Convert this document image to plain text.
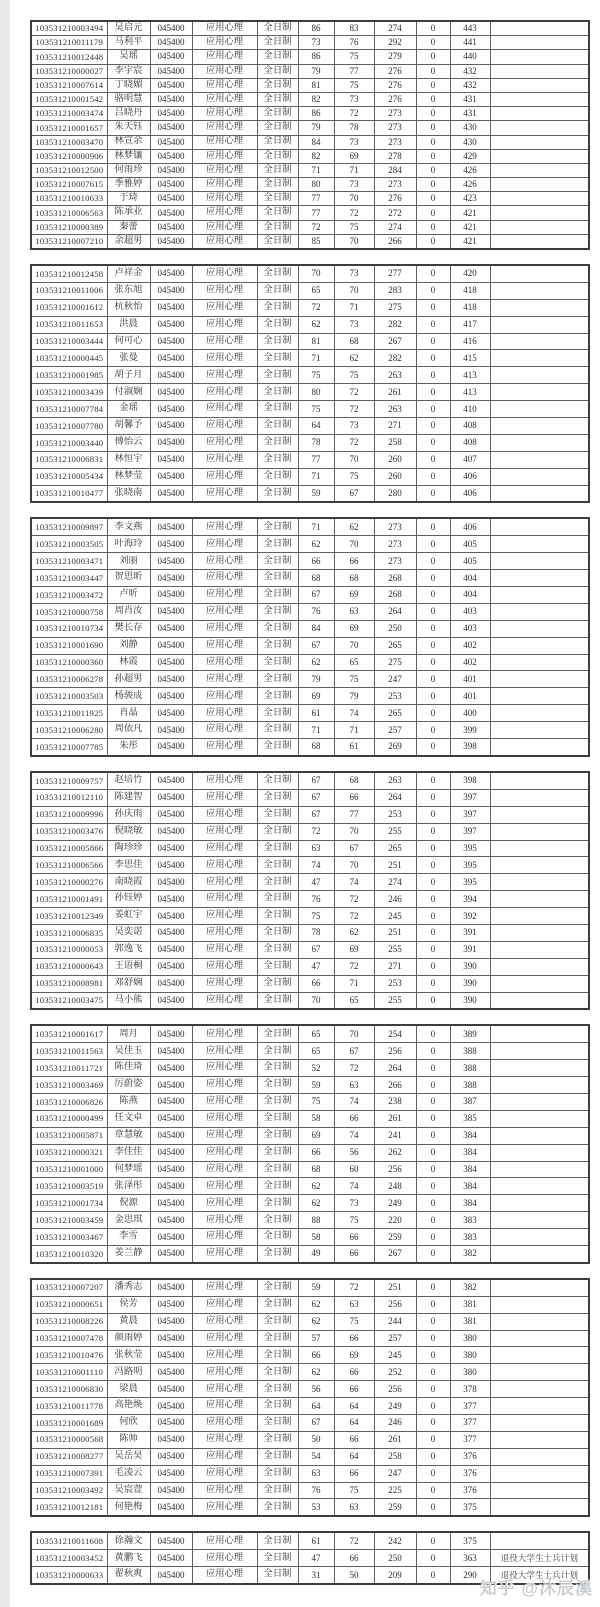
103531210003494	吴启元	045400	应用心理	全日制	86	83	274	0	443	
103531210011179	马利平	045400	应用心理	全日制	73	76	292	0	441	
103531210012448	吴瑶	045400	应用心理	全日制	86	75	279	0	440	
103531210000027	李宇宸	045400	应用心理	全日制	79	77	276	0	432	
103531210007614	丁晓媚	045400	应用心理	全日制	81	75	276	0	432	
103531210001542	骆明慧	045400	应用心理	全日制	82	73	276	0	431	
103531210003474	吕晓丹	045400	应用心理	全日制	86	72	273	0	431	
103531210001657	朱天钰	045400	应用心理	全日制	79	78	273	0	430	
103531210003470	林宣余	045400	应用心理	全日制	84	73	273	0	430	
103531210000906	林梦镶	045400	应用心理	全日制	82	69	278	0	429	
103531210012500	何雨珍	045400	应用心理	全日制	71	71	284	0	426	
103531210007615	季雅婷	045400	应用心理	全日制	80	73	273	0	426	
103531210010633	于琦	045400	应用心理	全日制	77	70	276	0	423	
103531210006563	陈承业	045400	应用心理	全日制	77	72	272	0	421	
103531210000389	秦蕾	045400	应用心理	全日制	72	75	274	0	421	
103531210007210	余超男	045400	应用心理	全日制	85	70	266	0	421	
103531210012458	卢祥金	045400	应用心理	全日制	70	73	277	0	420	
103531210011006	张东旭	045400	应用心理	全日制	65	70	283	0	418	
103531210001612	杭秋怡	045400	应用心理	全日制	72	71	275	0	418	
103531210011653	洪晨	045400	应用心理	全日制	62	73	282	0	417	
103531210003444	何可心	045400	应用心理	全日制	81	68	267	0	416	
103531210000445	张曼	045400	应用心理	全日制	71	62	282	0	415	
103531210001985	胡子月	045400	应用心理	全日制	75	75	263	0	413	
103531210003439	付淑娴	045400	应用心理	全日制	80	72	261	0	413	
103531210007784	金瑶	045400	应用心理	全日制	75	72	263	0	410	
103531210007780	胡馨予	045400	应用心理	全日制	64	73	271	0	408	
103531210003440	傅怡云	045400	应用心理	全日制	78	72	258	0	408	
103531210006831	林恒宇	045400	应用心理	全日制	77	70	260	0	407	
103531210005434	林梦莹	045400	应用心理	全日制	71	75	260	0	406	
103531210010477	张晓南	045400	应用心理	全日制	59	67	280	0	406	
103531210009897	李文燕	045400	应用心理	全日制	71	62	273	0	406	
103531210003505	叶海玲	045400	应用心理	全日制	62	70	273	0	405	
103531210003471	刘丽	045400	应用心理	全日制	66	66	273	0	405	
103531210003447	贺思昕	045400	应用心理	全日制	68	68	268	0	404	
103531210003472	卢昕	045400	应用心理	全日制	67	69	268	0	404	
103531210000758	周肖汝	045400	应用心理	全日制	76	63	264	0	403	
103531210010734	樊长存	045400	应用心理	全日制	84	69	250	0	403	
103531210001690	刘静	045400	应用心理	全日制	67	70	265	0	402	
103531210000360	林霞	045400	应用心理	全日制	62	65	275	0	402	
103531210006278	孙超男	045400	应用心理	全日制	79	75	247	0	401	
103531210003503	杨骏成	045400	应用心理	全日制	69	79	253	0	401	
103531210011925	肖晶	045400	应用心理	全日制	61	74	265	0	400	
103531210006280	周依凡	045400	应用心理	全日制	71	71	257	0	399	
103531210007785	朱彤	045400	应用心理	全日制	68	61	269	0	398	
103531210009757	赵培竹	045400	应用心理	全日制	67	68	263	0	398	
103531210012110	陈建智	045400	应用心理	全日制	67	66	264	0	397	
103531210009996	孙庆雨	045400	应用心理	全日制	67	77	253	0	397	
103531210003476	倪晓敏	045400	应用心理	全日制	72	70	255	0	397	
103531210005866	陶珍珍	045400	应用心理	全日制	63	67	265	0	395	
103531210006566	李思佳	045400	应用心理	全日制	74	70	251	0	395	
103531210000276	南晓霞	045400	应用心理	全日制	47	74	274	0	395	
103531210001491	孙钰婷	045400	应用心理	全日制	76	72	246	0	394	
103531210012349	姜虹宇	045400	应用心理	全日制	75	72	245	0	392	
103531210006835	吴奕诺	045400	应用心理	全日制	78	62	251	0	391	
103531210000053	郭逸飞	045400	应用心理	全日制	67	69	255	0	391	
103531210000643	王语桐	045400	应用心理	全日制	47	72	271	0	390	
103531210008981	邓舒娴	045400	应用心理	全日制	66	71	253	0	390	
103531210003475	马小熊	045400	应用心理	全日制	70	65	255	0	390	
103531210001617	周月	045400	应用心理	全日制	65	70	254	0	389	
103531210011563	吴佳玉	045400	应用心理	全日制	65	67	256	0	388	
103531210011721	陈佳琦	045400	应用心理	全日制	52	72	264	0	388	
103531210003469	厉蔚姿	045400	应用心理	全日制	59	63	266	0	388	
103531210006826	陈燕	045400	应用心理	全日制	75	74	238	0	387	
103531210000499	任文卓	045400	应用心理	全日制	58	66	261	0	385	
103531210005871	章慧敏	045400	应用心理	全日制	69	74	241	0	384	
103531210000321	李佳佳	045400	应用心理	全日制	66	56	262	0	384	
103531210001000	何梦瑶	045400	应用心理	全日制	68	60	256	0	384	
103531210003519	张泽彤	045400	应用心理	全日制	62	74	248	0	384	
103531210001734	倪源	045400	应用心理	全日制	62	73	249	0	384	
103531210003459	金思琪	045400	应用心理	全日制	88	75	220	0	383	
103531210003467	李雪	045400	应用心理	全日制	58	66	259	0	383	
103531210010320	姜兰静	045400	应用心理	全日制	49	66	267	0	382	
103531210007207	潘秀志	045400	应用心理	全日制	59	72	251	0	382	
103531210000651	侯芳	045400	应用心理	全日制	62	63	256	0	381	
103531210008226	黄晨	045400	应用心理	全日制	62	75	244	0	381	
103531210007478	颜雨婷	045400	应用心理	全日制	57	66	257	0	380	
103531210010476	张秋莹	045400	应用心理	全日制	66	69	245	0	380	
103531210001110	冯路明	045400	应用心理	全日制	62	66	252	0	380	
103531210006830	梁晨	045400	应用心理	全日制	56	66	256	0	378	
103531210011778	高艳焕	045400	应用心理	全日制	64	64	249	0	377	
103531210001689	何欣	045400	应用心理	全日制	67	64	246	0	377	
103531210000568	陈帅	045400	应用心理	全日制	50	66	261	0	377	
103531210008277	吴岳昊	045400	应用心理	全日制	54	64	258	0	376	
103531210007391	毛凌云	045400	应用心理	全日制	63	66	247	0	376	
103531210003492	吴宸萱	045400	应用心理	全日制	76	75	225	0	376	
103531210012181	何艳梅	045400	应用心理	全日制	53	63	259	0	375	
103531210011608	徐瀚文	045400	应用心理	全日制	61	72	242	0	375	
103531210003452	黄鹏飞	045400	应用心理	全日制	47	66	250	0	363	退役大学生士兵计划
103531210000633	翟秋爽	045400	应用心理	全日制	31	50	209	0	290	退役大学生士兵计划
知乎 @沐辰溪
